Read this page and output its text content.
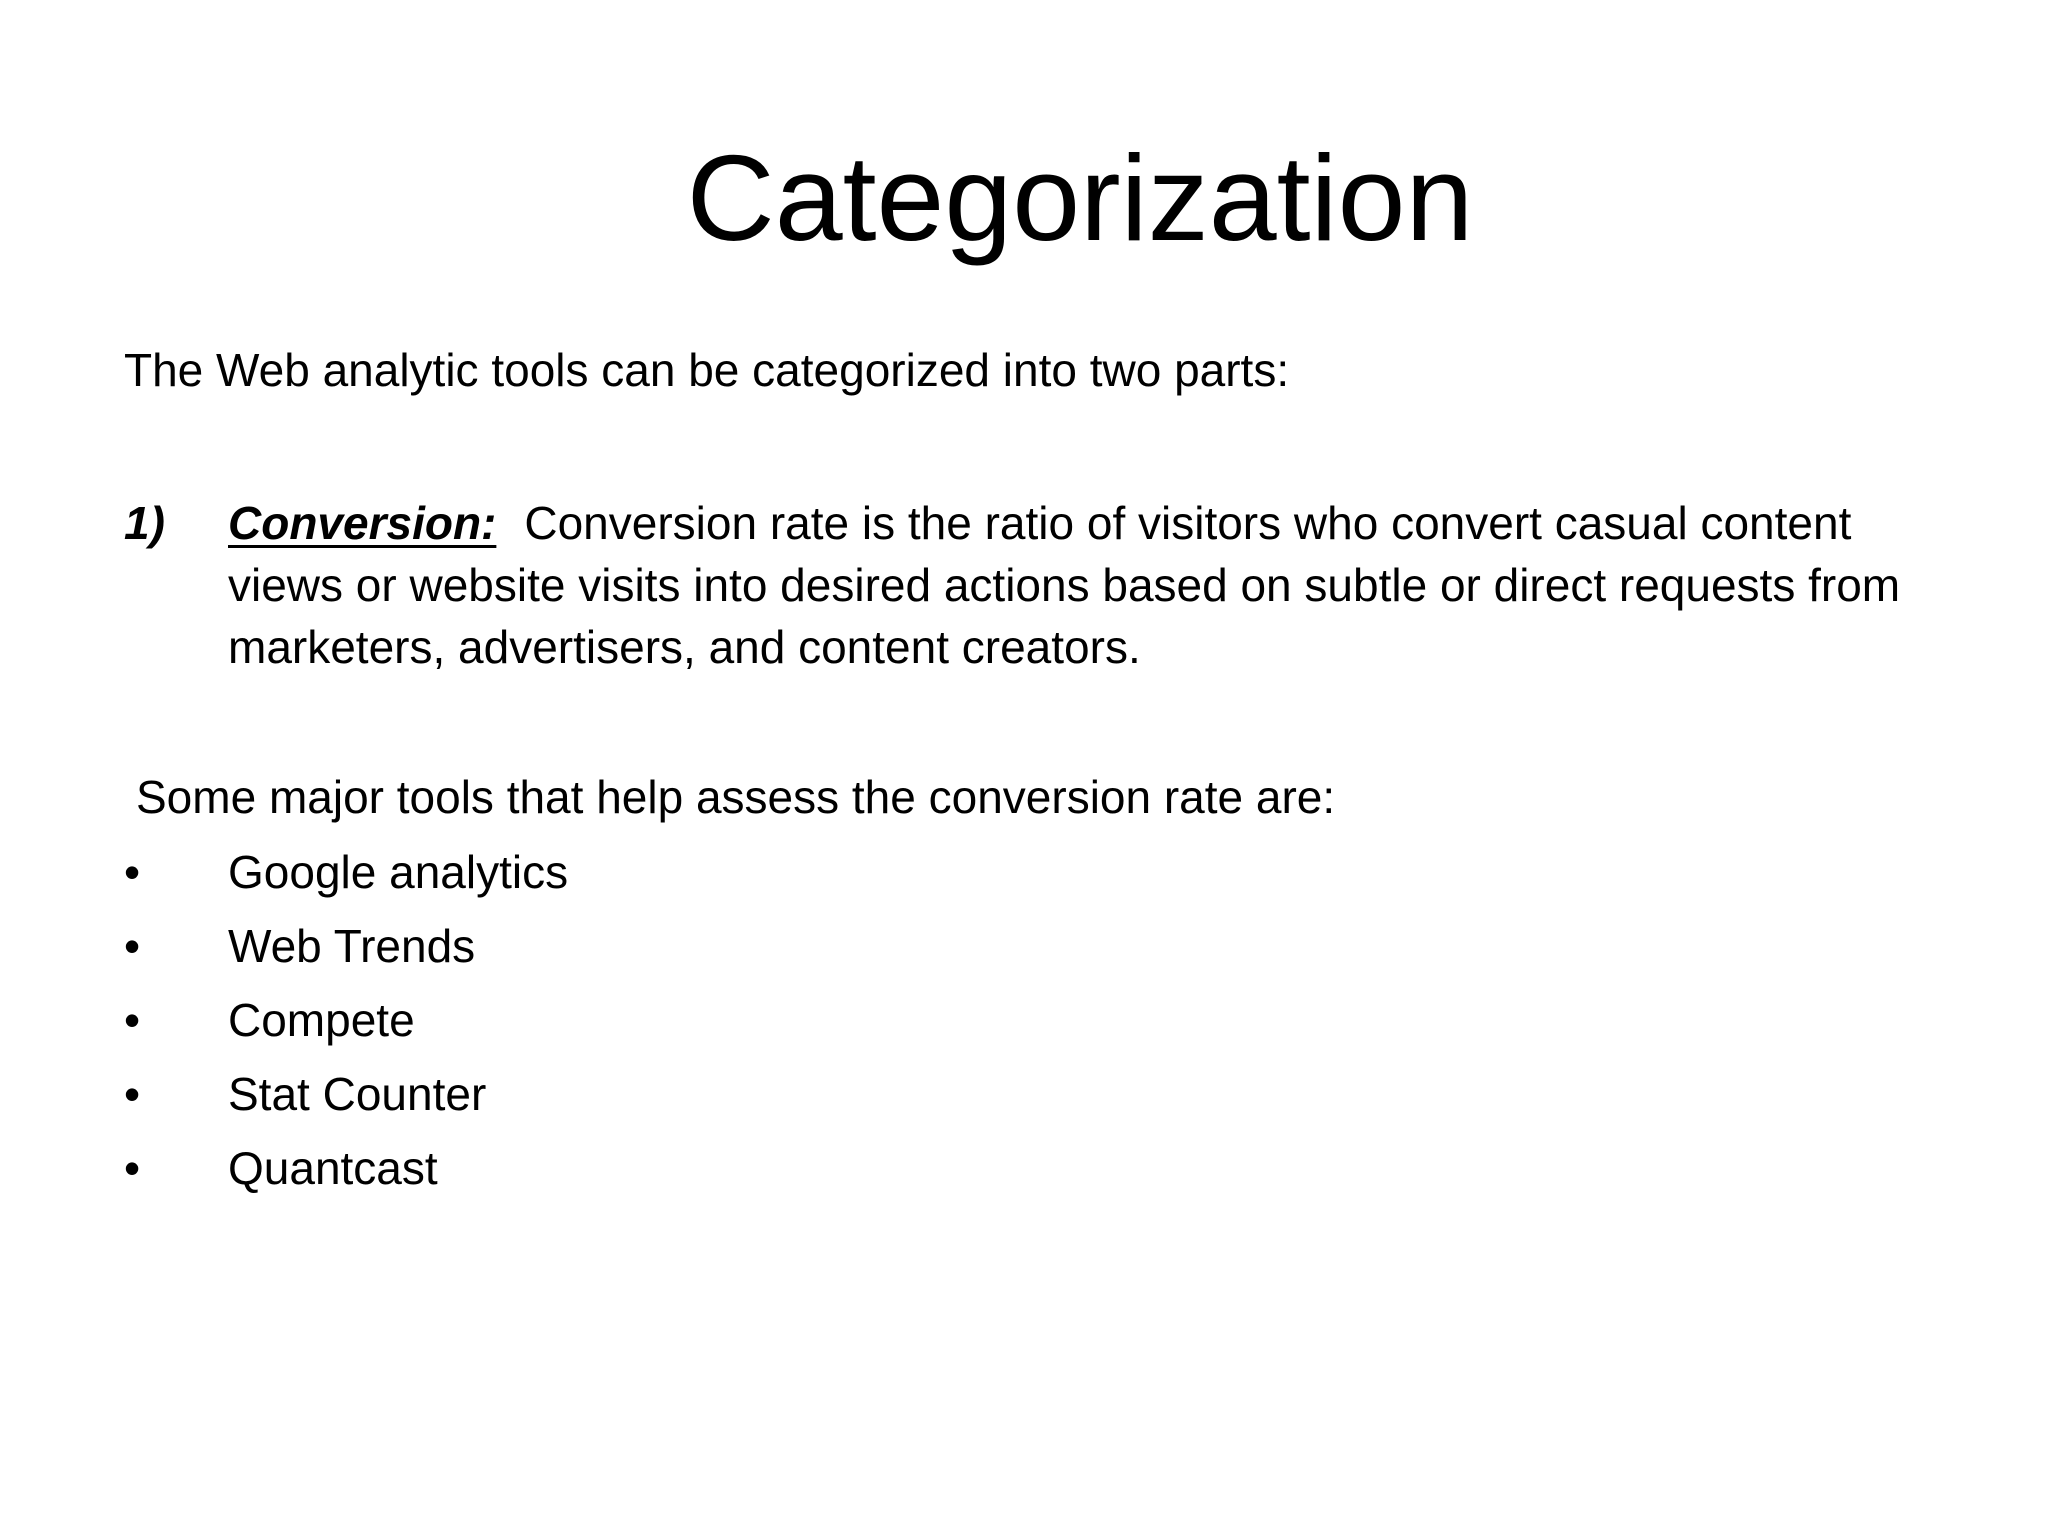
Categorization
The Web analytic tools can be categorized into two parts:
1) Conversion: Conversion rate is the ratio of visitors who convert casual content views or website visits into desired actions based on subtle or direct requests from marketers, advertisers, and content creators.
Some major tools that help assess the conversion rate are:
•	Google analytics
•	Web Trends
•	Compete
•	Stat Counter
•	Quantcast
